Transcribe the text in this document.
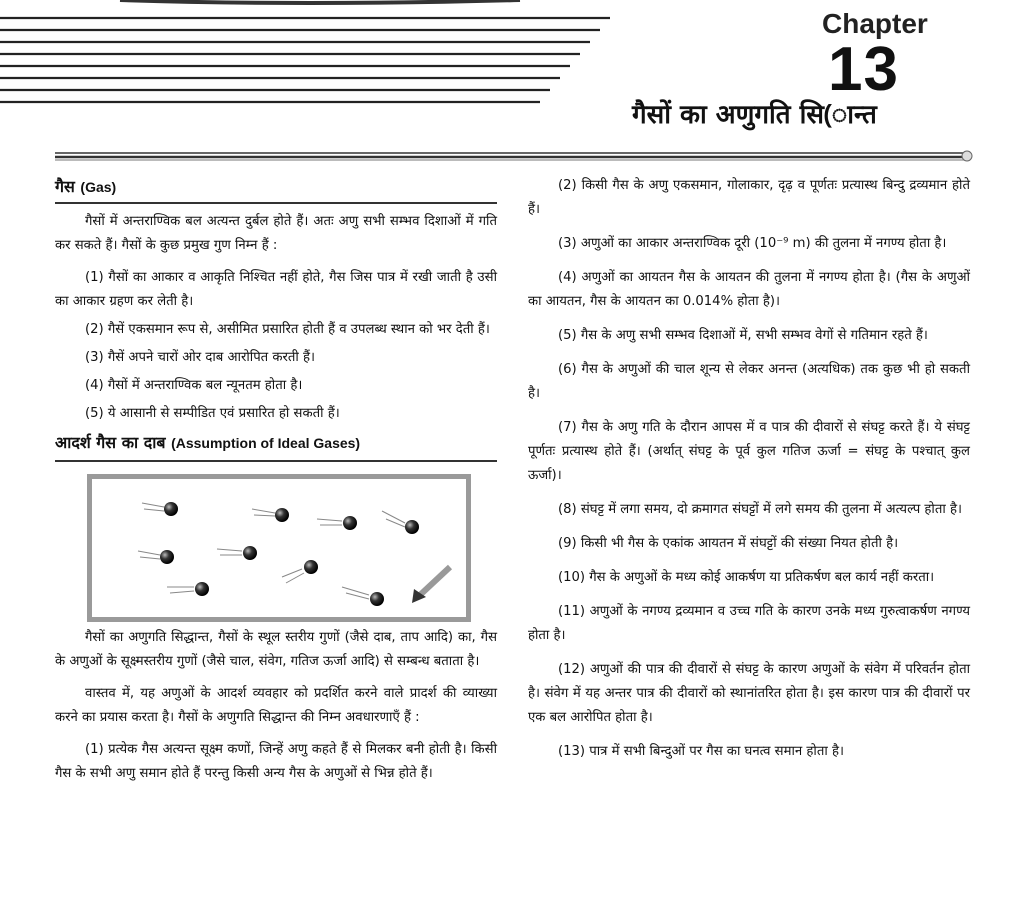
Chapter
13
गैसों का अणुगति सि(ान्त
गैस (Gas)

गैसों में अन्तराण्विक बल अत्यन्त दुर्बल होते हैं। अतः अणु सभी सम्भव दिशाओं में गति कर सकते हैं। गैसों के कुछ प्रमुख गुण निम्न हैं :

(1) गैसों का आकार व आकृति निश्चित नहीं होते, गैस जिस पात्र में रखी जाती है उसी का आकार ग्रहण कर लेती है।

(2) गैसें एकसमान रूप से, असीमित प्रसारित होती हैं व उपलब्ध स्थान को भर देती हैं।

(3) गैसें अपने चारों ओर दाब आरोपित करती हैं।

(4) गैसों में अन्तराण्विक बल न्यूनतम होता है।

(5) ये आसानी से सम्पीडित एवं प्रसारित हो सकती हैं।

आदर्श गैस का दाब (Assumption of Ideal Gases)

गैसों का अणुगति सिद्धान्त, गैसों के स्थूल स्तरीय गुणों (जैसे दाब, ताप आदि) का, गैस के अणुओं के सूक्ष्मस्तरीय गुणों (जैसे चाल, संवेग, गतिज ऊर्जा आदि) से सम्बन्ध बताता है।

वास्तव में, यह अणुओं के आदर्श व्यवहार को प्रदर्शित करने वाले प्रादर्श की व्याख्या करने का प्रयास करता है। गैसों के अणुगति सिद्धान्त की निम्न अवधारणाएँ हैं :

(1) प्रत्येक गैस अत्यन्त सूक्ष्म कणों, जिन्हें अणु कहते हैं से मिलकर बनी होती है। किसी गैस के सभी अणु समान होते हैं परन्तु किसी अन्य गैस के अणुओं से भिन्न होते हैं।

(2) किसी गैस के अणु एकसमान, गोलाकार, दृढ़ व पूर्णतः प्रत्यास्थ बिन्दु द्रव्यमान होते हैं।

(3) अणुओं का आकार अन्तराण्विक दूरी (10⁻⁹ m) की तुलना में नगण्य होता है।

(4) अणुओं का आयतन गैस के आयतन की तुलना में नगण्य होता है। (गैस के अणुओं का आयतन, गैस के आयतन का 0.014% होता है)।

(5) गैस के अणु सभी सम्भव दिशाओं में, सभी सम्भव वेगों से गतिमान रहते हैं।

(6) गैस के अणुओं की चाल शून्य से लेकर अनन्त (अत्यधिक) तक कुछ भी हो सकती है।

(7) गैस के अणु गति के दौरान आपस में व पात्र की दीवारों से संघट्ट करते हैं। ये संघट्ट पूर्णतः प्रत्यास्थ होते हैं। (अर्थात् संघट्ट के पूर्व कुल गतिज ऊर्जा = संघट्ट के पश्चात् कुल ऊर्जा)।

(8) संघट्ट में लगा समय, दो क्रमागत संघट्टों में लगे समय की तुलना में अत्यल्प होता है।

(9) किसी भी गैस के एकांक आयतन में संघट्टों की संख्या नियत होती है।

(10) गैस के अणुओं के मध्य कोई आकर्षण या प्रतिकर्षण बल कार्य नहीं करता।

(11) अणुओं के नगण्य द्रव्यमान व उच्च गति के कारण उनके मध्य गुरुत्वाकर्षण नगण्य होता है।

(12) अणुओं की पात्र की दीवारों से संघट्ट के कारण अणुओं के संवेग में परिवर्तन होता है। संवेग में यह अन्तर पात्र की दीवारों को स्थानांतरित होता है। इस कारण पात्र की दीवारों पर एक बल आरोपित होता है।

(13) पात्र में सभी बिन्दुओं पर गैस का घनत्व समान होता है।
